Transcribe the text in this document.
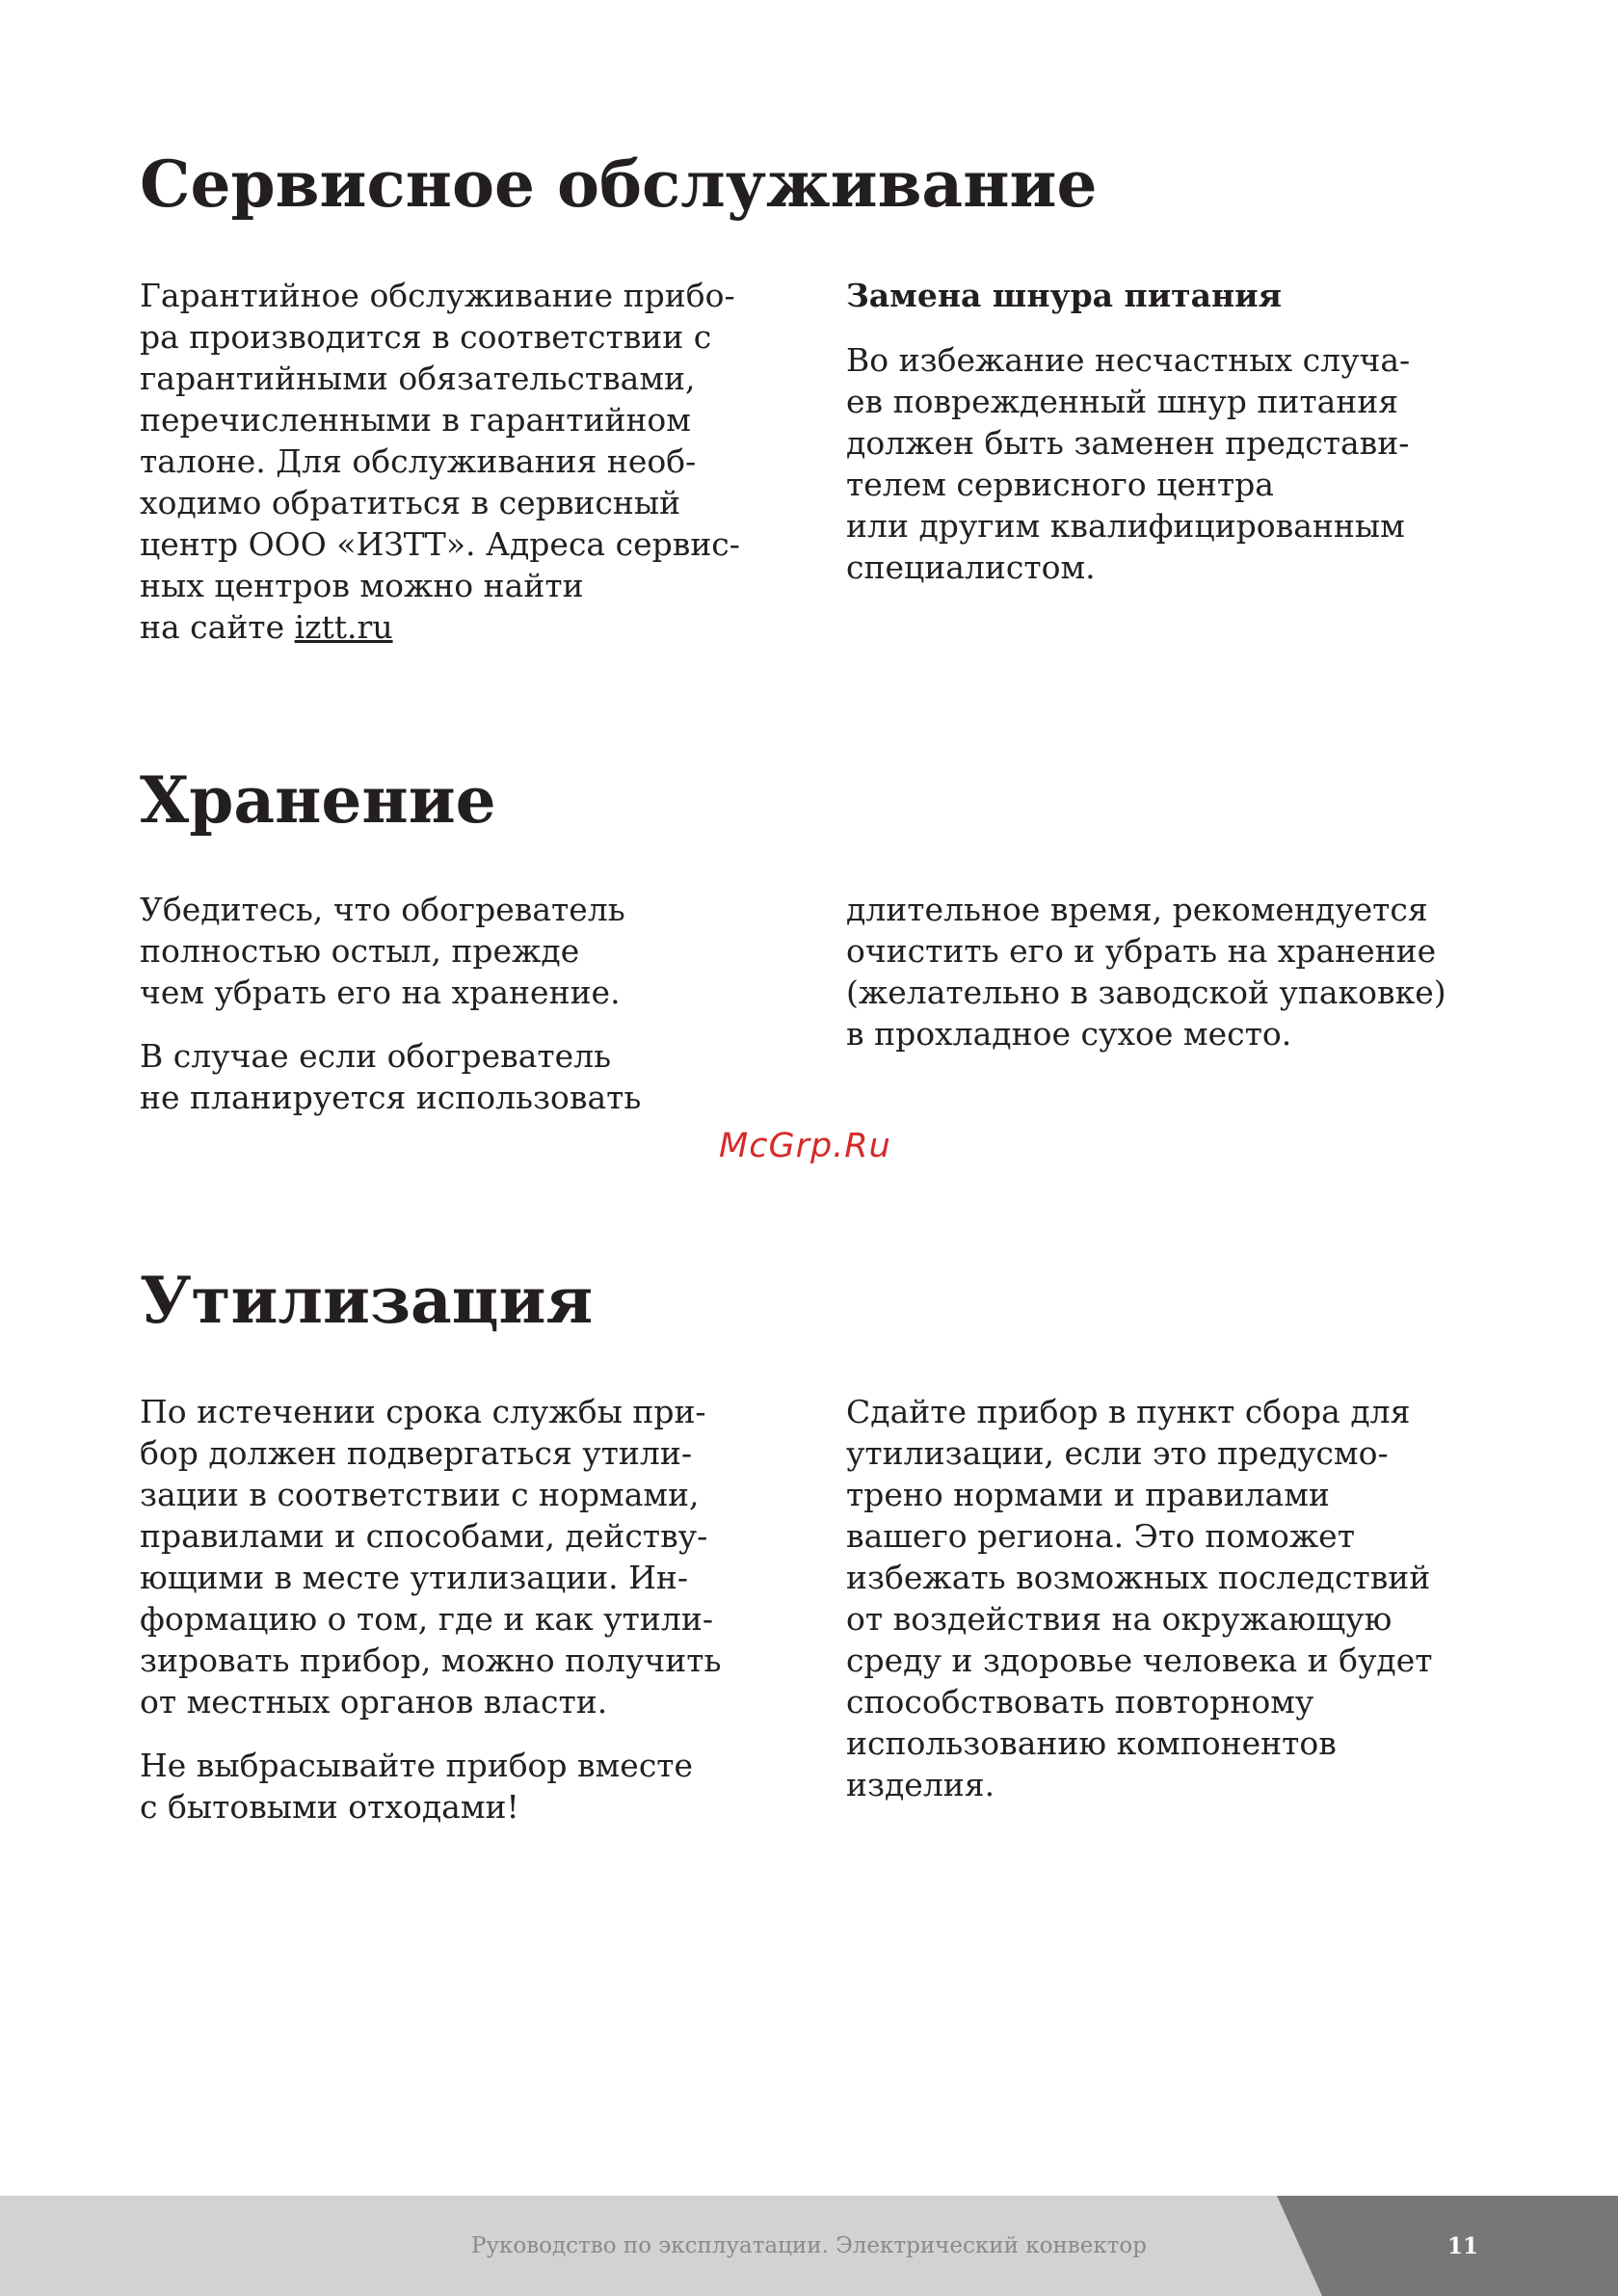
Сервисное обслуживание

Гарантийное обслуживание прибо-
ра производится в соответствии с
гарантийными обязательствами,
перечисленными в гарантийном
талоне. Для обслуживания необ-
ходимо обратиться в сервисный
центр ООО «ИЗТТ». Адреса сервис-
ных центров можно найти
на сайте iztt.ru

Замена шнура питания

Во избежание несчастных случа-
ев поврежденный шнур питания
должен быть заменен представи-
телем сервисного центра
или другим квалифицированным
специалистом.

Хранение

Убедитесь, что обогреватель
полностью остыл, прежде
чем убрать его на хранение.

В случае если обогреватель
не планируется использовать

длительное время, рекомендуется
очистить его и убрать на хранение
(желательно в заводской упаковке)
в прохладное сухое место.

McGrp.Ru
Утилизация

По истечении срока службы при-
бор должен подвергаться утили-
зации в соответствии с нормами,
правилами и способами, действу-
ющими в месте утилизации. Ин-
формацию о том, где и как утили-
зировать прибор, можно получить
от местных органов власти.

Не выбрасывайте прибор вместе
с бытовыми отходами!

Сдайте прибор в пункт сбора для
утилизации, если это предусмо-
трено нормами и правилами
вашего региона. Это поможет
избежать возможных последствий
от воздействия на окружающую
среду и здоровье человека и будет
способствовать повторному
использованию компонентов
изделия.

Руководство по эксплуатации. Электрический конвектор	11
